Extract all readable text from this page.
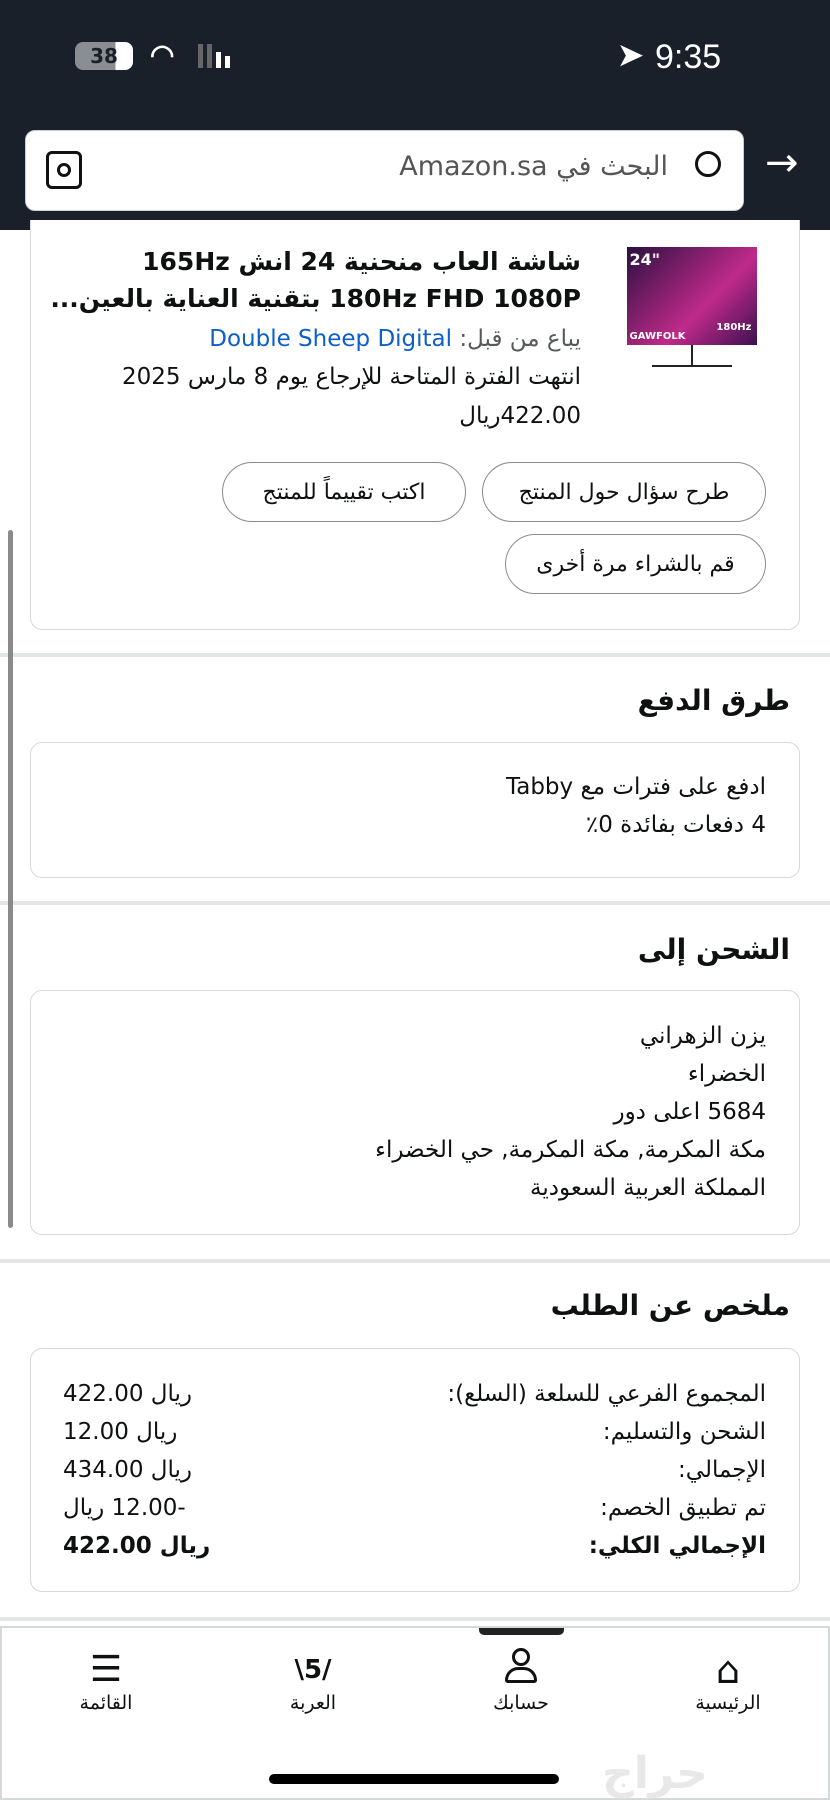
38	◠	➤ 9:35
البحث في Amazon.sa →
24"
GAWFOLK
180Hz
شاشة العاب منحنية 24 انش 165Hz
180Hz FHD 1080P بتقنية العناية بالعين...
يباع من قبل: Double Sheep Digital
انتهت الفترة المتاحة للإرجاع يوم 8 مارس 2025
422.00ريال
طرح سؤال حول المنتج
اكتب تقييماً للمنتج
قم بالشراء مرة أخرى
طرق الدفع
ادفع على فترات مع Tabby
4 دفعات بفائدة 0٪
الشحن إلى
يزن الزهراني
الخضراء
5684 اعلى دور
مكة المكرمة, مكة المكرمة, حي الخضراء
المملكة العربية السعودية
ملخص عن الطلب
422.00 ريال	المجموع الفرعي للسلعة (السلع):
12.00 ريال	الشحن والتسليم:
434.00 ريال	الإجمالي:
-12.00 ريال	تم تطبيق الخصم:
422.00 ريال	الإجمالي الكلي:
⌂
الرئيسية
حسابك
\5/
العربة
☰
القائمة
حراج
